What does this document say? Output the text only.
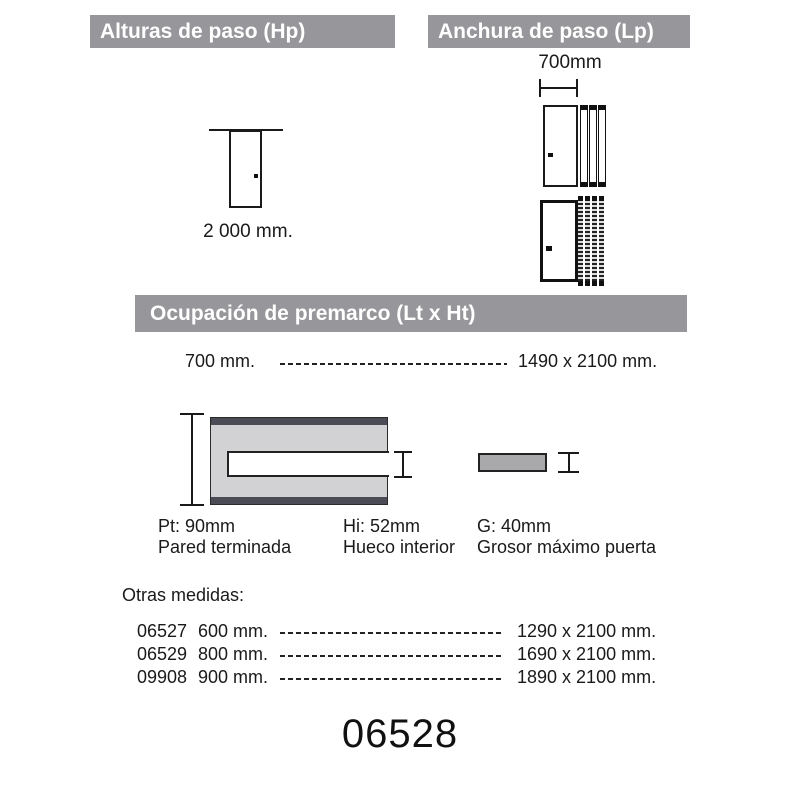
Alturas de paso (Hp)	Anchura de paso (Lp)
700mm
2 000 mm.
Ocupación de premarco (Lt x Ht)
700 mm.	1490 x 2100 mm.
Pt: 90mm
Pared terminada
Hi: 52mm
Hueco interior
G: 40mm
Grosor máximo puerta
Otras medidas:
06527 600 mm.	1290 x 2100 mm.
06529 800 mm.	1690 x 2100 mm.
09908 900 mm.	1890 x 2100 mm.
06528
